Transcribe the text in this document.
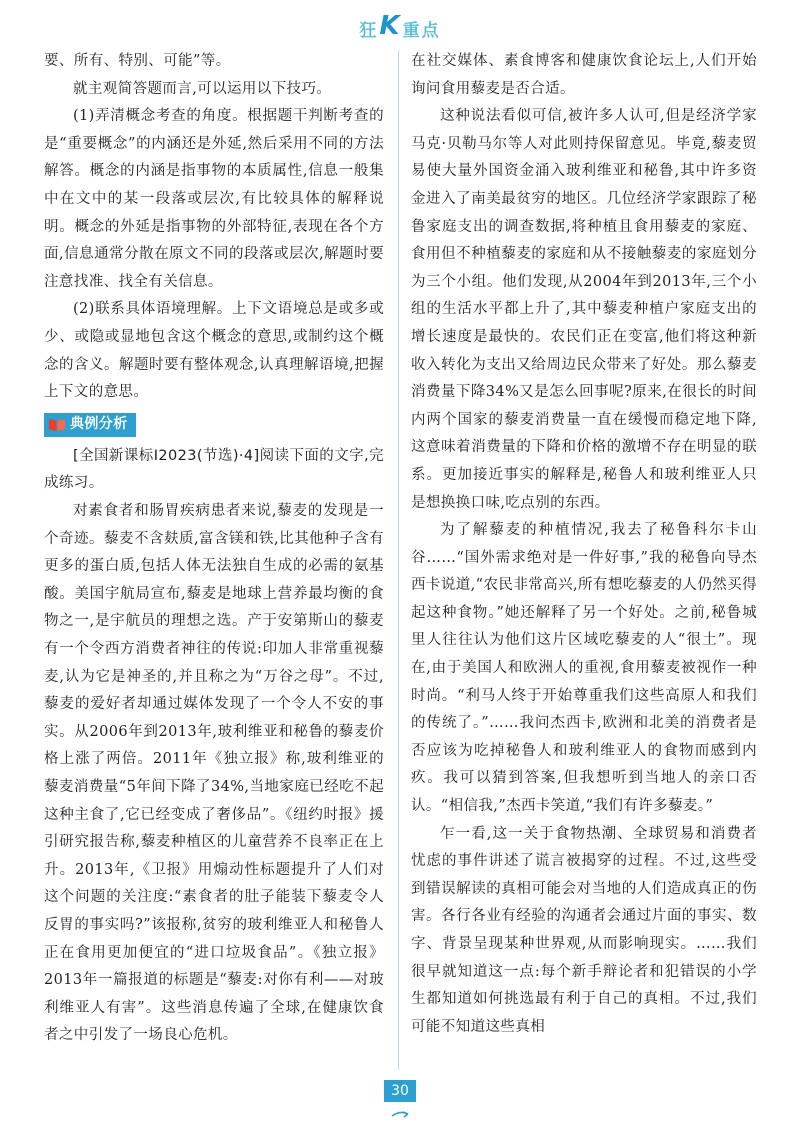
狂 K 重点

要、所有、特别、可能”等。

就主观简答题而言,可以运用以下技巧。

(1)弄清概念考查的角度。根据题干判断考查的是“重要概念”的内涵还是外延,然后采用不同的方法解答。概念的内涵是指事物的本质属性,信息一般集中在文中的某一段落或层次,有比较具体的解释说明。概念的外延是指事物的外部特征,表现在各个方面,信息通常分散在原文不同的段落或层次,解题时要注意找准、找全有关信息。

(2)联系具体语境理解。上下文语境总是或多或少、或隐或显地包含这个概念的意思,或制约这个概念的含义。解题时要有整体观念,认真理解语境,把握上下文的意思。

典例分析

[全国新课标Ⅰ2023(节选)·4]阅读下面的文字,完成练习。

对素食者和肠胃疾病患者来说,藜麦的发现是一个奇迹。藜麦不含麸质,富含镁和铁,比其他种子含有更多的蛋白质,包括人体无法独自生成的必需的氨基酸。美国宇航局宣布,藜麦是地球上营养最均衡的食物之一,是宇航员的理想之选。产于安第斯山的藜麦有一个令西方消费者神往的传说:印加人非常重视藜麦,认为它是神圣的,并且称之为“万谷之母”。不过,藜麦的爱好者却通过媒体发现了一个令人不安的事实。从2006年到2013年,玻利维亚和秘鲁的藜麦价格上涨了两倍。2011年《独立报》称,玻利维亚的藜麦消费量“5年间下降了34%,当地家庭已经吃不起这种主食了,它已经变成了奢侈品”。《纽约时报》援引研究报告称,藜麦种植区的儿童营养不良率正在上升。2013年,《卫报》用煽动性标题提升了人们对这个问题的关注度:“素食者的肚子能装下藜麦令人反胃的事实吗?”该报称,贫穷的玻利维亚人和秘鲁人正在食用更加便宜的“进口垃圾食品”。《独立报》2013年一篇报道的标题是“藜麦:对你有利——对玻利维亚人有害”。这些消息传遍了全球,在健康饮食者之中引发了一场良心危机。

在社交媒体、素食博客和健康饮食论坛上,人们开始询问食用藜麦是否合适。

这种说法看似可信,被许多人认可,但是经济学家马克·贝勒马尔等人对此则持保留意见。毕竟,藜麦贸易使大量外国资金涌入玻利维亚和秘鲁,其中许多资金进入了南美最贫穷的地区。几位经济学家跟踪了秘鲁家庭支出的调查数据,将种植且食用藜麦的家庭、食用但不种植藜麦的家庭和从不接触藜麦的家庭划分为三个小组。他们发现,从2004年到2013年,三个小组的生活水平都上升了,其中藜麦种植户家庭支出的增长速度是最快的。农民们正在变富,他们将这种新收入转化为支出又给周边民众带来了好处。那么藜麦消费量下降34%又是怎么回事呢?原来,在很长的时间内两个国家的藜麦消费量一直在缓慢而稳定地下降,这意味着消费量的下降和价格的激增不存在明显的联系。更加接近事实的解释是,秘鲁人和玻利维亚人只是想换换口味,吃点别的东西。

为了解藜麦的种植情况,我去了秘鲁科尔卡山谷……“国外需求绝对是一件好事,”我的秘鲁向导杰西卡说道,“农民非常高兴,所有想吃藜麦的人仍然买得起这种食物。”她还解释了另一个好处。之前,秘鲁城里人往往认为他们这片区域吃藜麦的人“很土”。现在,由于美国人和欧洲人的重视,食用藜麦被视作一种时尚。“利马人终于开始尊重我们这些高原人和我们的传统了。”……我问杰西卡,欧洲和北美的消费者是否应该为吃掉秘鲁人和玻利维亚人的食物而感到内疚。我可以猜到答案,但我想听到当地人的亲口否认。“相信我,”杰西卡笑道,“我们有许多藜麦。”

乍一看,这一关于食物热潮、全球贸易和消费者忧虑的事件讲述了谎言被揭穿的过程。不过,这些受到错误解读的真相可能会对当地的人们造成真正的伤害。各行各业有经验的沟通者会通过片面的事实、数字、背景呈现某种世界观,从而影响现实。……我们很早就知道这一点:每个新手辩论者和犯错误的小学生都知道如何挑选最有利于自己的真相。不过,我们可能不知道这些真相

30
